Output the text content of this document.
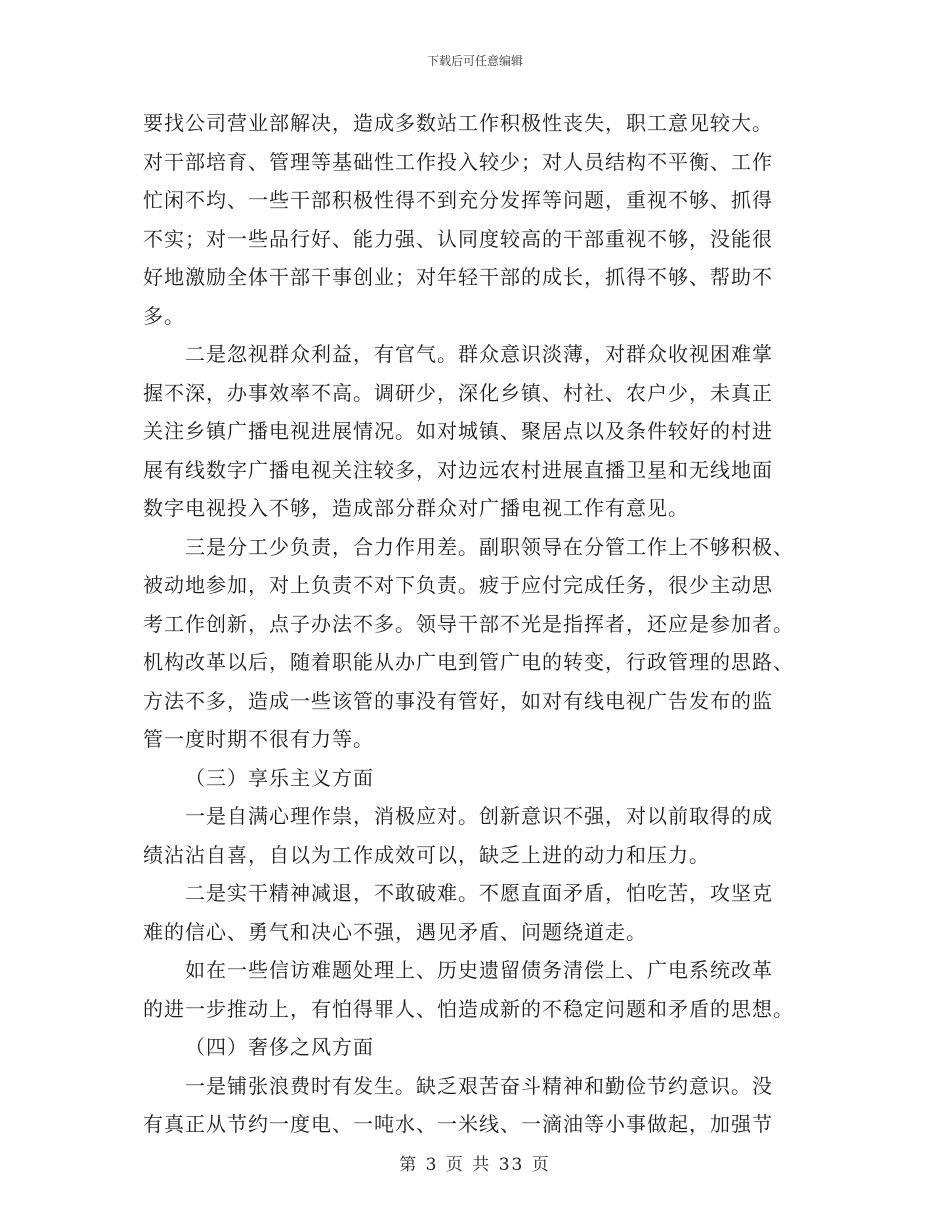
下载后可任意编辑
要找公司营业部解决，造成多数站工作积极性丧失，职工意见较大。
对干部培育、管理等基础性工作投入较少；对人员结构不平衡、工作
忙闲不均、一些干部积极性得不到充分发挥等问题，重视不够、抓得
不实；对一些品行好、能力强、认同度较高的干部重视不够，没能很
好地激励全体干部干事创业；对年轻干部的成长，抓得不够、帮助不
多。
二是忽视群众利益，有官气。群众意识淡薄，对群众收视困难掌
握不深，办事效率不高。调研少，深化乡镇、村社、农户少，未真正
关注乡镇广播电视进展情况。如对城镇、聚居点以及条件较好的村进
展有线数字广播电视关注较多，对边远农村进展直播卫星和无线地面
数字电视投入不够，造成部分群众对广播电视工作有意见。
三是分工少负责，合力作用差。副职领导在分管工作上不够积极、
被动地参加，对上负责不对下负责。疲于应付完成任务，很少主动思
考工作创新，点子办法不多。领导干部不光是指挥者，还应是参加者。
机构改革以后，随着职能从办广电到管广电的转变，行政管理的思路、
方法不多，造成一些该管的事没有管好，如对有线电视广告发布的监
管一度时期不很有力等。
（三）享乐主义方面
一是自满心理作祟，消极应对。创新意识不强，对以前取得的成
绩沾沾自喜，自以为工作成效可以，缺乏上进的动力和压力。
二是实干精神减退，不敢破难。不愿直面矛盾，怕吃苦，攻坚克
难的信心、勇气和决心不强，遇见矛盾、问题绕道走。
如在一些信访难题处理上、历史遗留债务清偿上、广电系统改革
的进一步推动上，有怕得罪人、怕造成新的不稳定问题和矛盾的思想。
（四）奢侈之风方面
一是铺张浪费时有发生。缺乏艰苦奋斗精神和勤俭节约意识。没
有真正从节约一度电、一吨水、一米线、一滴油等小事做起，加强节
第 3 页 共 33 页
